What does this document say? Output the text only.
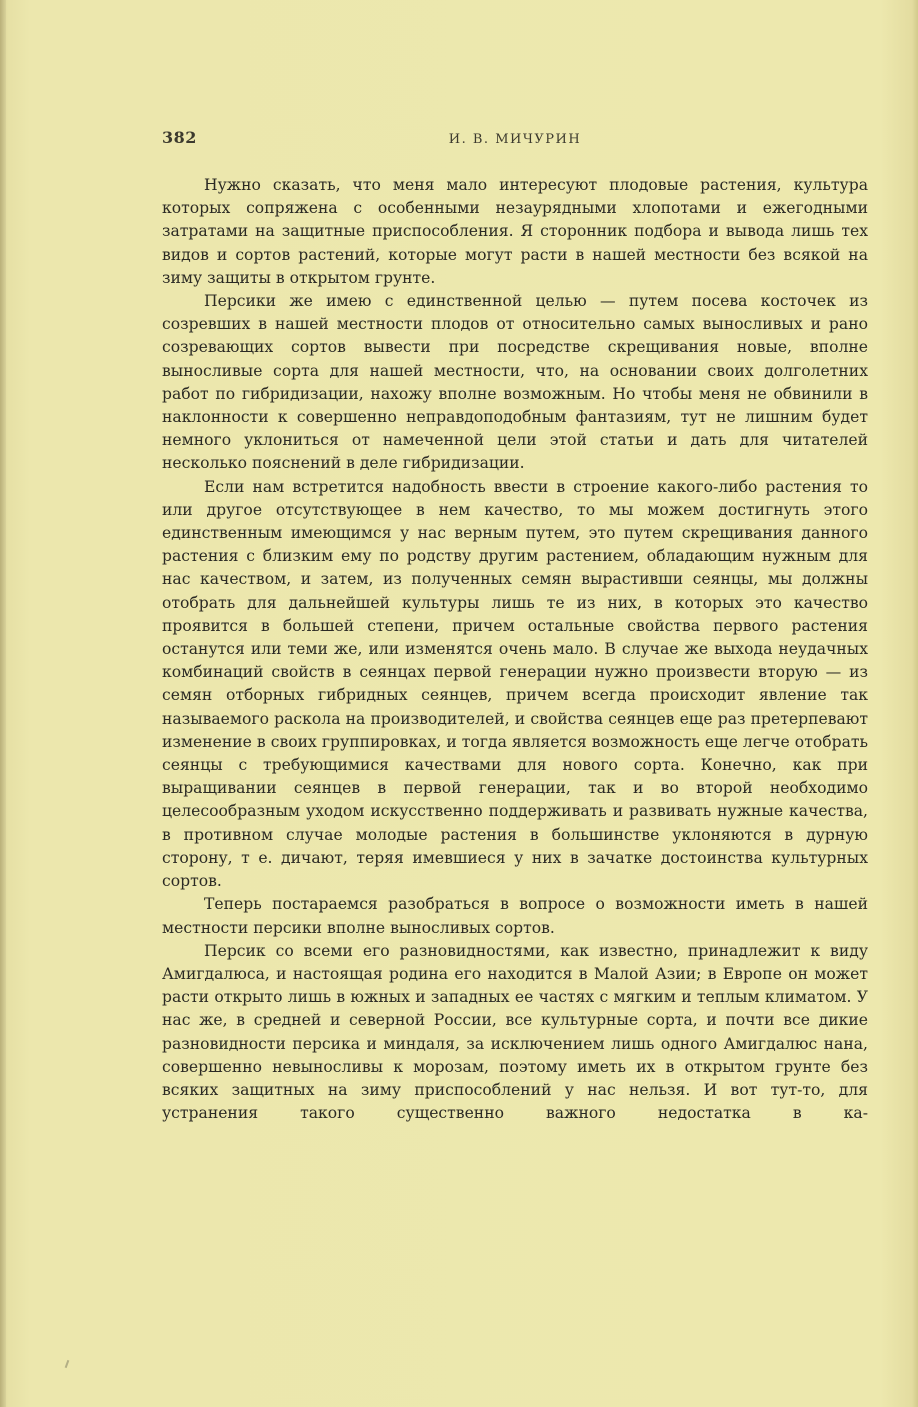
382	И. В. МИЧУРИН

Нужно сказать, что меня мало интересуют плодовые растения, культура которых сопряжена с особенными незаурядными хлопотами и ежегодными затратами на защитные приспособления. Я сторонник подбора и вывода лишь тех видов и сортов растений, которые могут расти в нашей местности без всякой на зиму защиты в открытом грунте.

Персики же имею с единственной целью — путем посева косточек из созревших в нашей местности плодов от относительно самых выносливых и рано созревающих сортов вывести при посредстве скрещивания новые, вполне выносливые сорта для нашей местности, что, на основании своих долголетних работ по гибридизации, нахожу вполне возможным. Но чтобы меня не обвинили в наклонности к совершенно неправдоподобным фантазиям, тут не лишним будет немного уклониться от намеченной цели этой статьи и дать для читателей несколько пояснений в деле гибридизации.

Если нам встретится надобность ввести в строение какого-либо растения то или другое отсутствующее в нем качество, то мы можем достигнуть этого единственным имеющимся у нас верным путем, это путем скрещивания данного растения с близким ему по родству другим растением, обладающим нужным для нас качеством, и затем, из полученных семян вырастивши сеянцы, мы должны отобрать для дальнейшей культуры лишь те из них, в которых это качество проявится в большей степени, причем остальные свойства первого растения останутся или теми же, или изменятся очень мало. В случае же выхода неудачных комбинаций свойств в сеянцах первой генерации нужно произвести вторую — из семян отборных гибридных сеянцев, причем всегда происходит явление так называемого раскола на производителей, и свойства сеянцев еще раз претерпевают изменение в своих группировках, и тогда является возможность еще легче отобрать сеянцы с требующимися качествами для нового сорта. Конечно, как при выращивании сеянцев в первой генерации, так и во второй необходимо целесообразным уходом искусственно поддерживать и развивать нужные качества, в противном случае молодые растения в большинстве уклоняются в дурную сторону, т е. дичают, теряя имевшиеся у них в зачатке достоинства культурных сортов.

Теперь постараемся разобраться в вопросе о возможности иметь в нашей местности персики вполне выносливых сортов.

Персик со всеми его разновидностями, как известно, принадлежит к виду Амигдалюса, и настоящая родина его находится в Малой Азии; в Европе он может расти открыто лишь в южных и западных ее частях с мягким и теплым климатом. У нас же, в средней и северной России, все культурные сорта, и почти все дикие разновидности персика и миндаля, за исключением лишь одного Амигдалюс нана, совершенно невыносливы к морозам, поэтому иметь их в открытом грунте без всяких защитных на зиму приспособлений у нас нельзя. И вот тут-то, для устранения такого существенно важного недостатка в ка-
